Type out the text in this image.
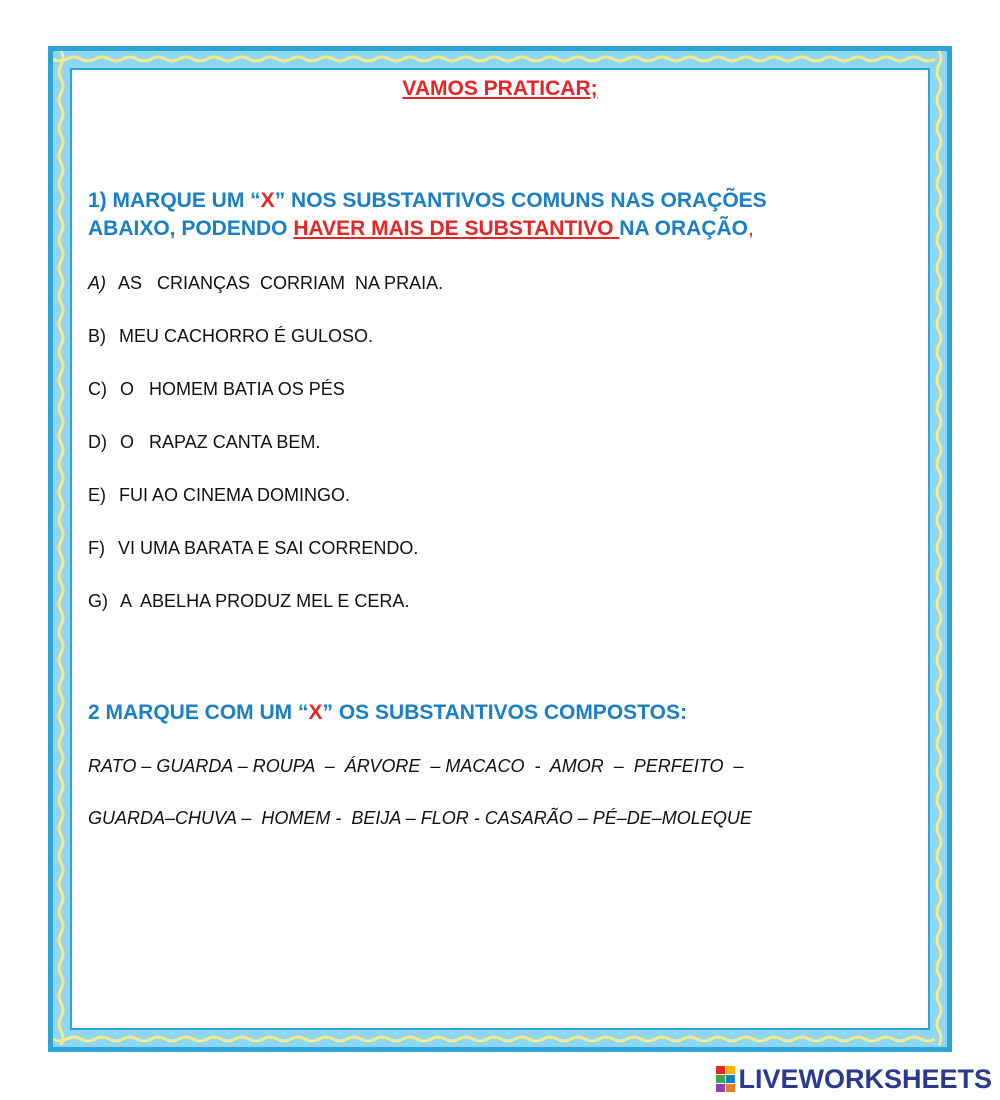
VAMOS PRATICAR;
1) MARQUE UM “X” NOS SUBSTANTIVOS COMUNS NAS ORAÇÕES
ABAIXO, PODENDO HAVER MAIS DE SUBSTANTIVO NA ORAÇÃO,

A) AS   CRIANÇAS  CORRIAM  NA PRAIA.

B) MEU CACHORRO É GULOSO.

C) O   HOMEM BATIA OS PÉS

D) O   RAPAZ CANTA BEM.

E) FUI AO CINEMA DOMINGO.

F) VI UMA BARATA E SAI CORRENDO.

G) A  ABELHA PRODUZ MEL E CERA.

2 MARQUE COM UM “X” OS SUBSTANTIVOS COMPOSTOS:

RATO – GUARDA – ROUPA  –  ÁRVORE  – MACACO  -  AMOR  –  PERFEITO  –

GUARDA–CHUVA –  HOMEM -  BEIJA – FLOR - CASARÃO – PÉ–DE–MOLEQUE

LIVEWORKSHEETS
